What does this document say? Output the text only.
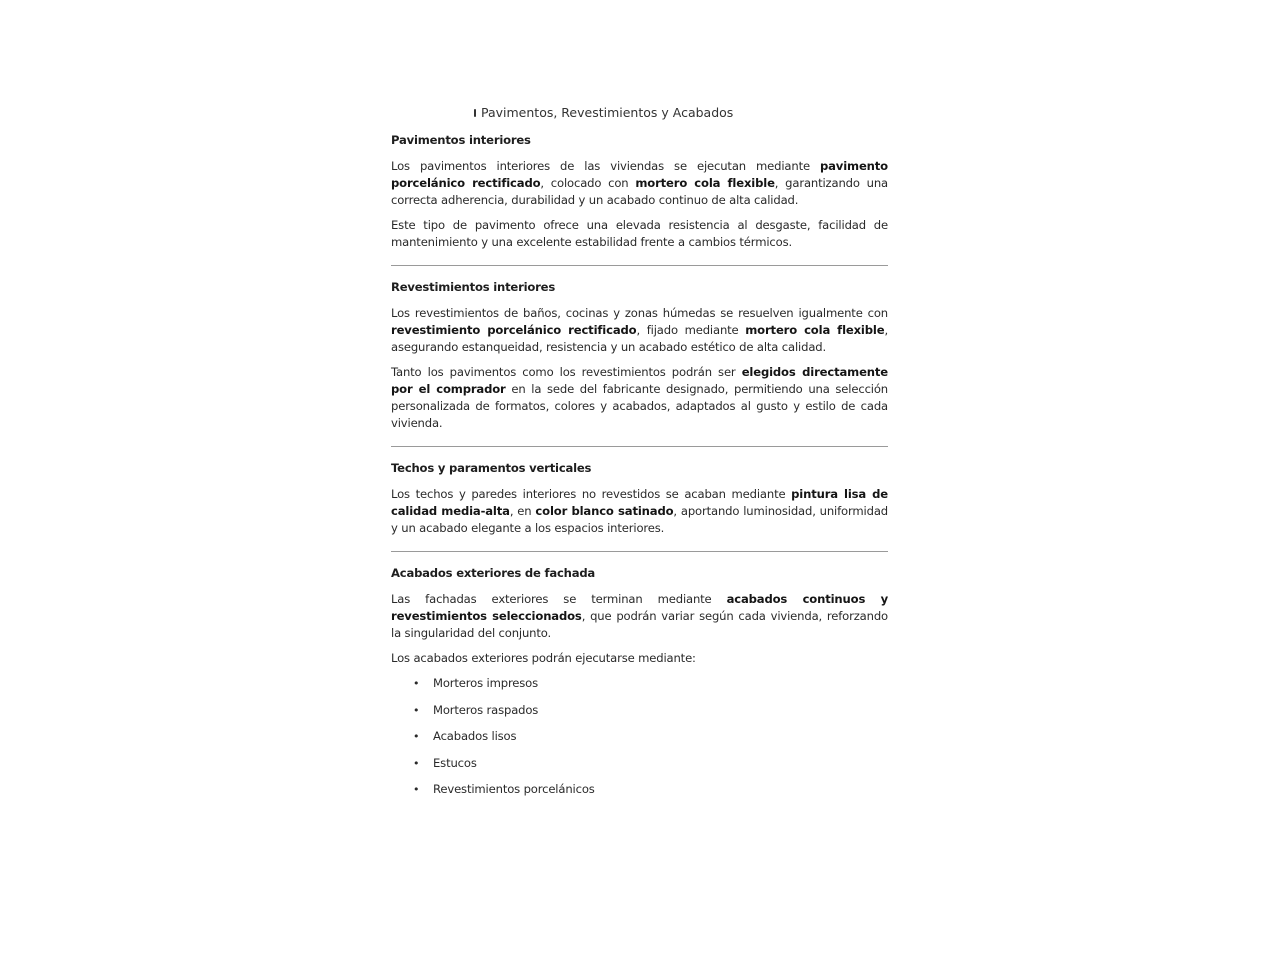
Pavimentos, Revestimientos y Acabados
Pavimentos interiores

Los pavimentos interiores de las viviendas se ejecutan mediante pavimento porcelánico rectificado, colocado con mortero cola flexible, garantizando una correcta adherencia, durabilidad y un acabado continuo de alta calidad.

Este tipo de pavimento ofrece una elevada resistencia al desgaste, facilidad de mantenimiento y una excelente estabilidad frente a cambios térmicos.

Revestimientos interiores

Los revestimientos de baños, cocinas y zonas húmedas se resuelven igualmente con revestimiento porcelánico rectificado, fijado mediante mortero cola flexible, asegurando estanqueidad, resistencia y un acabado estético de alta calidad.

Tanto los pavimentos como los revestimientos podrán ser elegidos directamente por el comprador en la sede del fabricante designado, permitiendo una selección personalizada de formatos, colores y acabados, adaptados al gusto y estilo de cada vivienda.

Techos y paramentos verticales

Los techos y paredes interiores no revestidos se acaban mediante pintura lisa de calidad media-alta, en color blanco satinado, aportando luminosidad, uniformidad y un acabado elegante a los espacios interiores.

Acabados exteriores de fachada

Las fachadas exteriores se terminan mediante acabados continuos y revestimientos seleccionados, que podrán variar según cada vivienda, reforzando la singularidad del conjunto.

Los acabados exteriores podrán ejecutarse mediante:

• Morteros impresos
• Morteros raspados
• Acabados lisos
• Estucos
• Revestimientos porcelánicos
